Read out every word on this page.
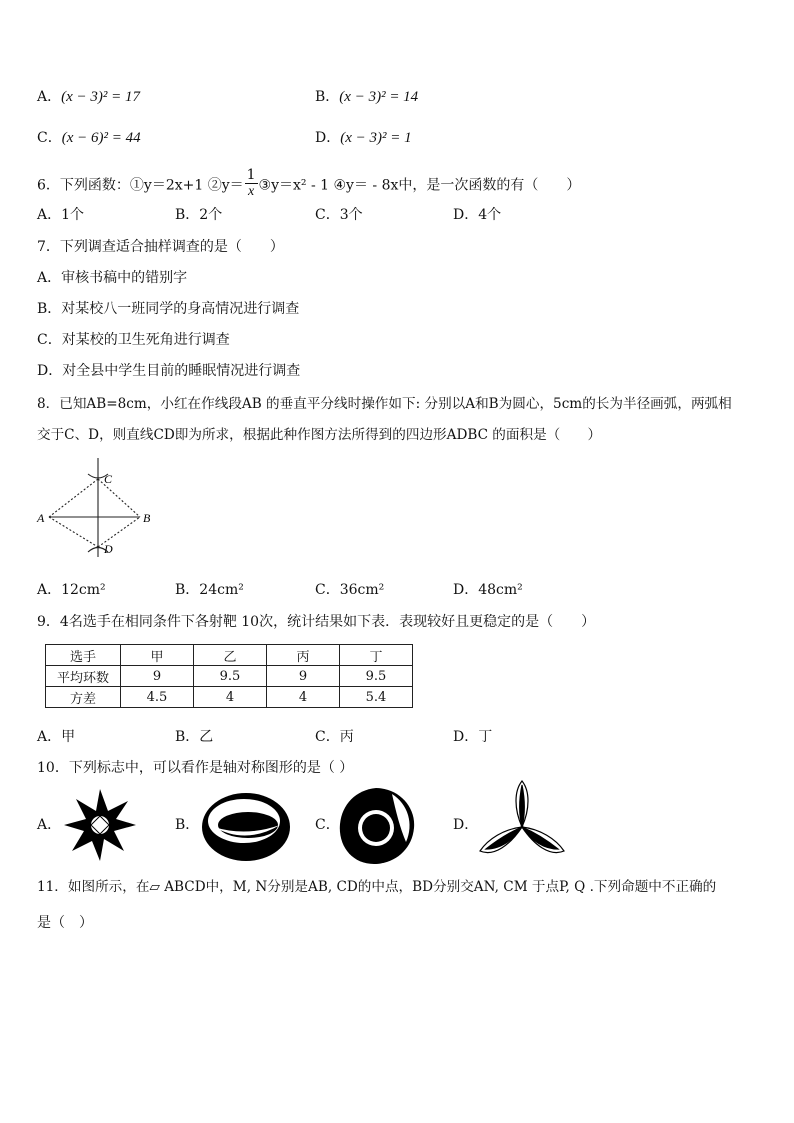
A．(x − 3)² = 17	B．(x − 3)² = 14
C．(x − 6)² = 44	D．(x − 3)² = 1
6．下列函数：①y＝2x+1 ②y＝ $\frac{1}{x}$ ③y＝x² - 1 ④y＝ - 8x中，是一次函数的有（　　）
A．1个	B．2个	C．3个	D．4个
7．下列调查适合抽样调查的是（　　）
A．审核书稿中的错别字
B．对某校八一班同学的身高情况进行调查
C．对某校的卫生死角进行调查
D．对全县中学生目前的睡眠情况进行调查
8．已知AB=8cm，小红在作线段AB 的垂直平分线时操作如下: 分别以A和B为圆心，5cm的长为半径画弧，两弧相
交于C、D，则直线CD即为所求，根据此种作图方法所得到的四边形ADBC 的面积是（　　）
A	B
C
D
A．12cm²	B．24cm²	C．36cm²	D．48cm²
9．4名选手在相同条件下各射靶 10次，统计结果如下表．表现较好且更稳定的是（　　）
选手	甲	乙	丙	丁
平均环数	9	9.5	9	9.5
方差	4.5	4	4	5.4
A．甲	B．乙	C．丙	D．丁
10．下列标志中，可以看作是轴对称图形的是（ ）
A．	B．	C．	D．
11．如图所示，在▱ ABCD中，M, N分别是AB, CD的中点，BD分别交AN, CM 于点P, Q .下列命题中不正确的
是（　）
